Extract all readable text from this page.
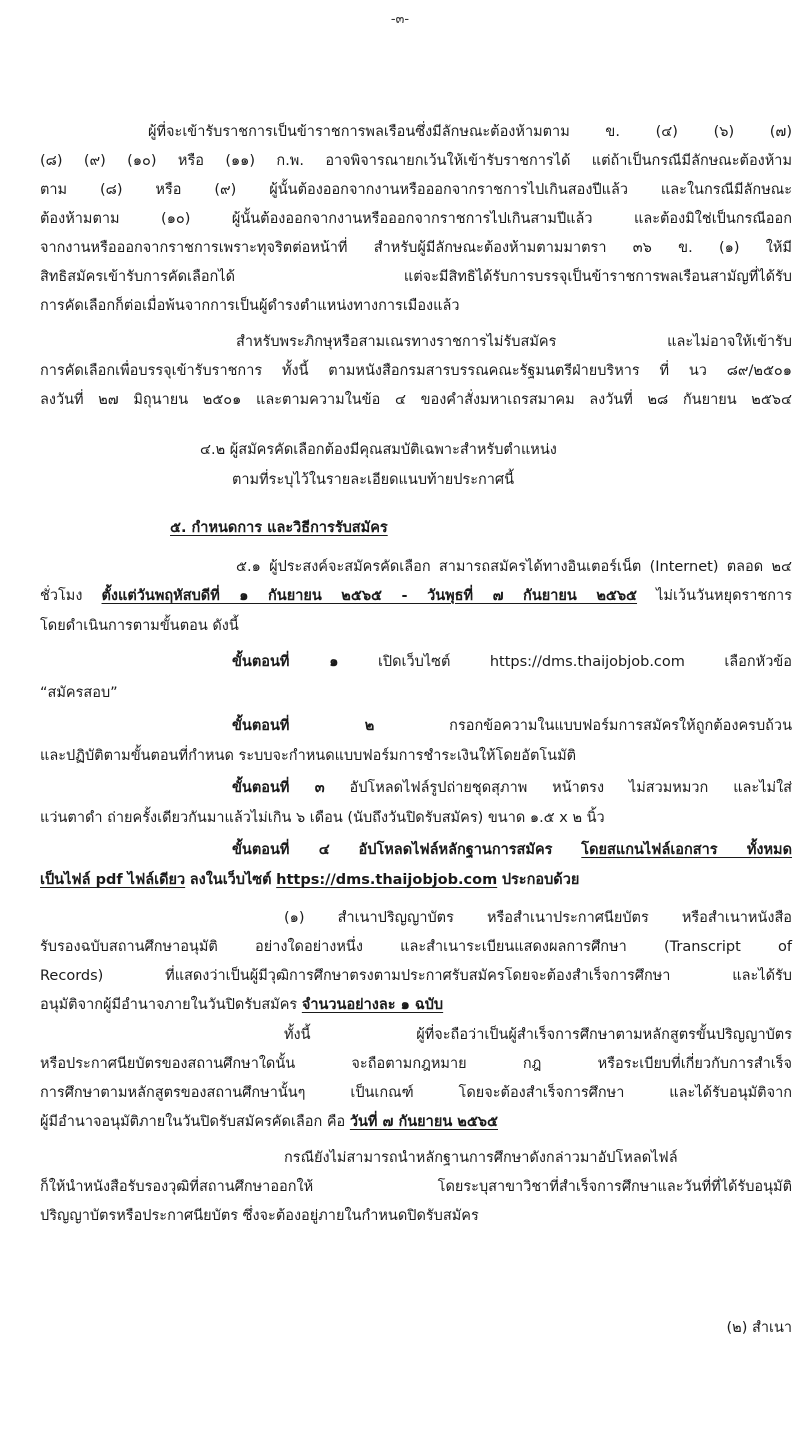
-๓-
ผู้ที่จะเข้ารับราชการเป็นข้าราชการพลเรือนซึ่งมีลักษณะต้องห้ามตาม ข. (๔) (๖) (๗)
(๘) (๙) (๑๐) หรือ (๑๑) ก.พ. อาจพิจารณายกเว้นให้เข้ารับราชการได้ แต่ถ้าเป็นกรณีมีลักษณะต้องห้าม
ตาม (๘) หรือ (๙) ผู้นั้นต้องออกจากงานหรือออกจากราชการไปเกินสองปีแล้ว และในกรณีมีลักษณะ
ต้องห้ามตาม (๑๐) ผู้นั้นต้องออกจากงานหรือออกจากราชการไปเกินสามปีแล้ว และต้องมิใช่เป็นกรณีออก
จากงานหรือออกจากราชการเพราะทุจริตต่อหน้าที่ สำหรับผู้มีลักษณะต้องห้ามตามมาตรา ๓๖ ข. (๑) ให้มี
สิทธิสมัครเข้ารับการคัดเลือกได้ แต่จะมีสิทธิได้รับการบรรจุเป็นข้าราชการพลเรือนสามัญที่ได้รับ
การคัดเลือกก็ต่อเมื่อพ้นจากการเป็นผู้ดำรงตำแหน่งทางการเมืองแล้ว
สำหรับพระภิกษุหรือสามเณรทางราชการไม่รับสมัคร และไม่อาจให้เข้ารับ
การคัดเลือกเพื่อบรรจุเข้ารับราชการ ทั้งนี้ ตามหนังสือกรมสารบรรณคณะรัฐมนตรีฝ่ายบริหาร ที่ นว ๘๙/๒๕๐๑
ลงวันที่ ๒๗ มิถุนายน ๒๕๐๑ และตามความในข้อ ๔ ของคำสั่งมหาเถรสมาคม ลงวันที่ ๒๘ กันยายน ๒๕๖๔
๔.๒ ผู้สมัครคัดเลือกต้องมีคุณสมบัติเฉพาะสำหรับตำแหน่ง
ตามที่ระบุไว้ในรายละเอียดแนบท้ายประกาศนี้
๕. กำหนดการ และวิธีการรับสมัคร
๕.๑ ผู้ประสงค์จะสมัครคัดเลือก สามารถสมัครได้ทางอินเตอร์เน็ต (Internet) ตลอด ๒๔
ชั่วโมง ตั้งแต่วันพฤหัสบดีที่ ๑ กันยายน ๒๕๖๕ - วันพุธที่ ๗ กันยายน ๒๕๖๕ ไม่เว้นวันหยุดราชการ
โดยดำเนินการตามขั้นตอน ดังนี้
ขั้นตอนที่ ๑	เปิดเว็บไซต์ https://dms.thaijobjob.com เลือกหัวข้อ
“สมัครสอบ”
ขั้นตอนที่ ๒	กรอกข้อความในแบบฟอร์มการสมัครให้ถูกต้องครบถ้วน
และปฏิบัติตามขั้นตอนที่กำหนด ระบบจะกำหนดแบบฟอร์มการชำระเงินให้โดยอัตโนมัติ
ขั้นตอนที่ ๓ อัปโหลดไฟล์รูปถ่ายชุดสุภาพ หน้าตรง ไม่สวมหมวก และไม่ใส่
แว่นตาดำ ถ่ายครั้งเดียวกันมาแล้วไม่เกิน ๖ เดือน (นับถึงวันปิดรับสมัคร) ขนาด ๑.๕ x ๒ นิ้ว
ขั้นตอนที่ ๔ อัปโหลดไฟล์หลักฐานการสมัคร โดยสแกนไฟล์เอกสาร ทั้งหมด
เป็นไฟล์ pdf ไฟล์เดียว ลงในเว็บไซต์ https://dms.thaijobjob.com ประกอบด้วย
(๑) สำเนาปริญญาบัตร หรือสำเนาประกาศนียบัตร หรือสำเนาหนังสือ
รับรองฉบับสถานศึกษาอนุมัติ อย่างใดอย่างหนึ่ง และสำเนาระเบียนแสดงผลการศึกษา (Transcript of
Records) ที่แสดงว่าเป็นผู้มีวุฒิการศึกษาตรงตามประกาศรับสมัครโดยจะต้องสำเร็จการศึกษา และได้รับ
อนุมัติจากผู้มีอำนาจภายในวันปิดรับสมัคร จำนวนอย่างละ ๑ ฉบับ
ทั้งนี้ ผู้ที่จะถือว่าเป็นผู้สำเร็จการศึกษาตามหลักสูตรขั้นปริญญาบัตร
หรือประกาศนียบัตรของสถานศึกษาใดนั้น จะถือตามกฎหมาย กฎ หรือระเบียบที่เกี่ยวกับการสำเร็จ
การศึกษาตามหลักสูตรของสถานศึกษานั้นๆ เป็นเกณฑ์ โดยจะต้องสำเร็จการศึกษา และได้รับอนุมัติจาก
ผู้มีอำนาจอนุมัติภายในวันปิดรับสมัครคัดเลือก คือ วันที่ ๗ กันยายน ๒๕๖๕
กรณียังไม่สามารถนำหลักฐานการศึกษาดังกล่าวมาอัปโหลดไฟล์
ก็ให้นำหนังสือรับรองวุฒิที่สถานศึกษาออกให้ โดยระบุสาขาวิชาที่สำเร็จการศึกษาและวันที่ที่ได้รับอนุมัติ
ปริญญาบัตรหรือประกาศนียบัตร ซึ่งจะต้องอยู่ภายในกำหนดปิดรับสมัคร
(๒) สำเนา
